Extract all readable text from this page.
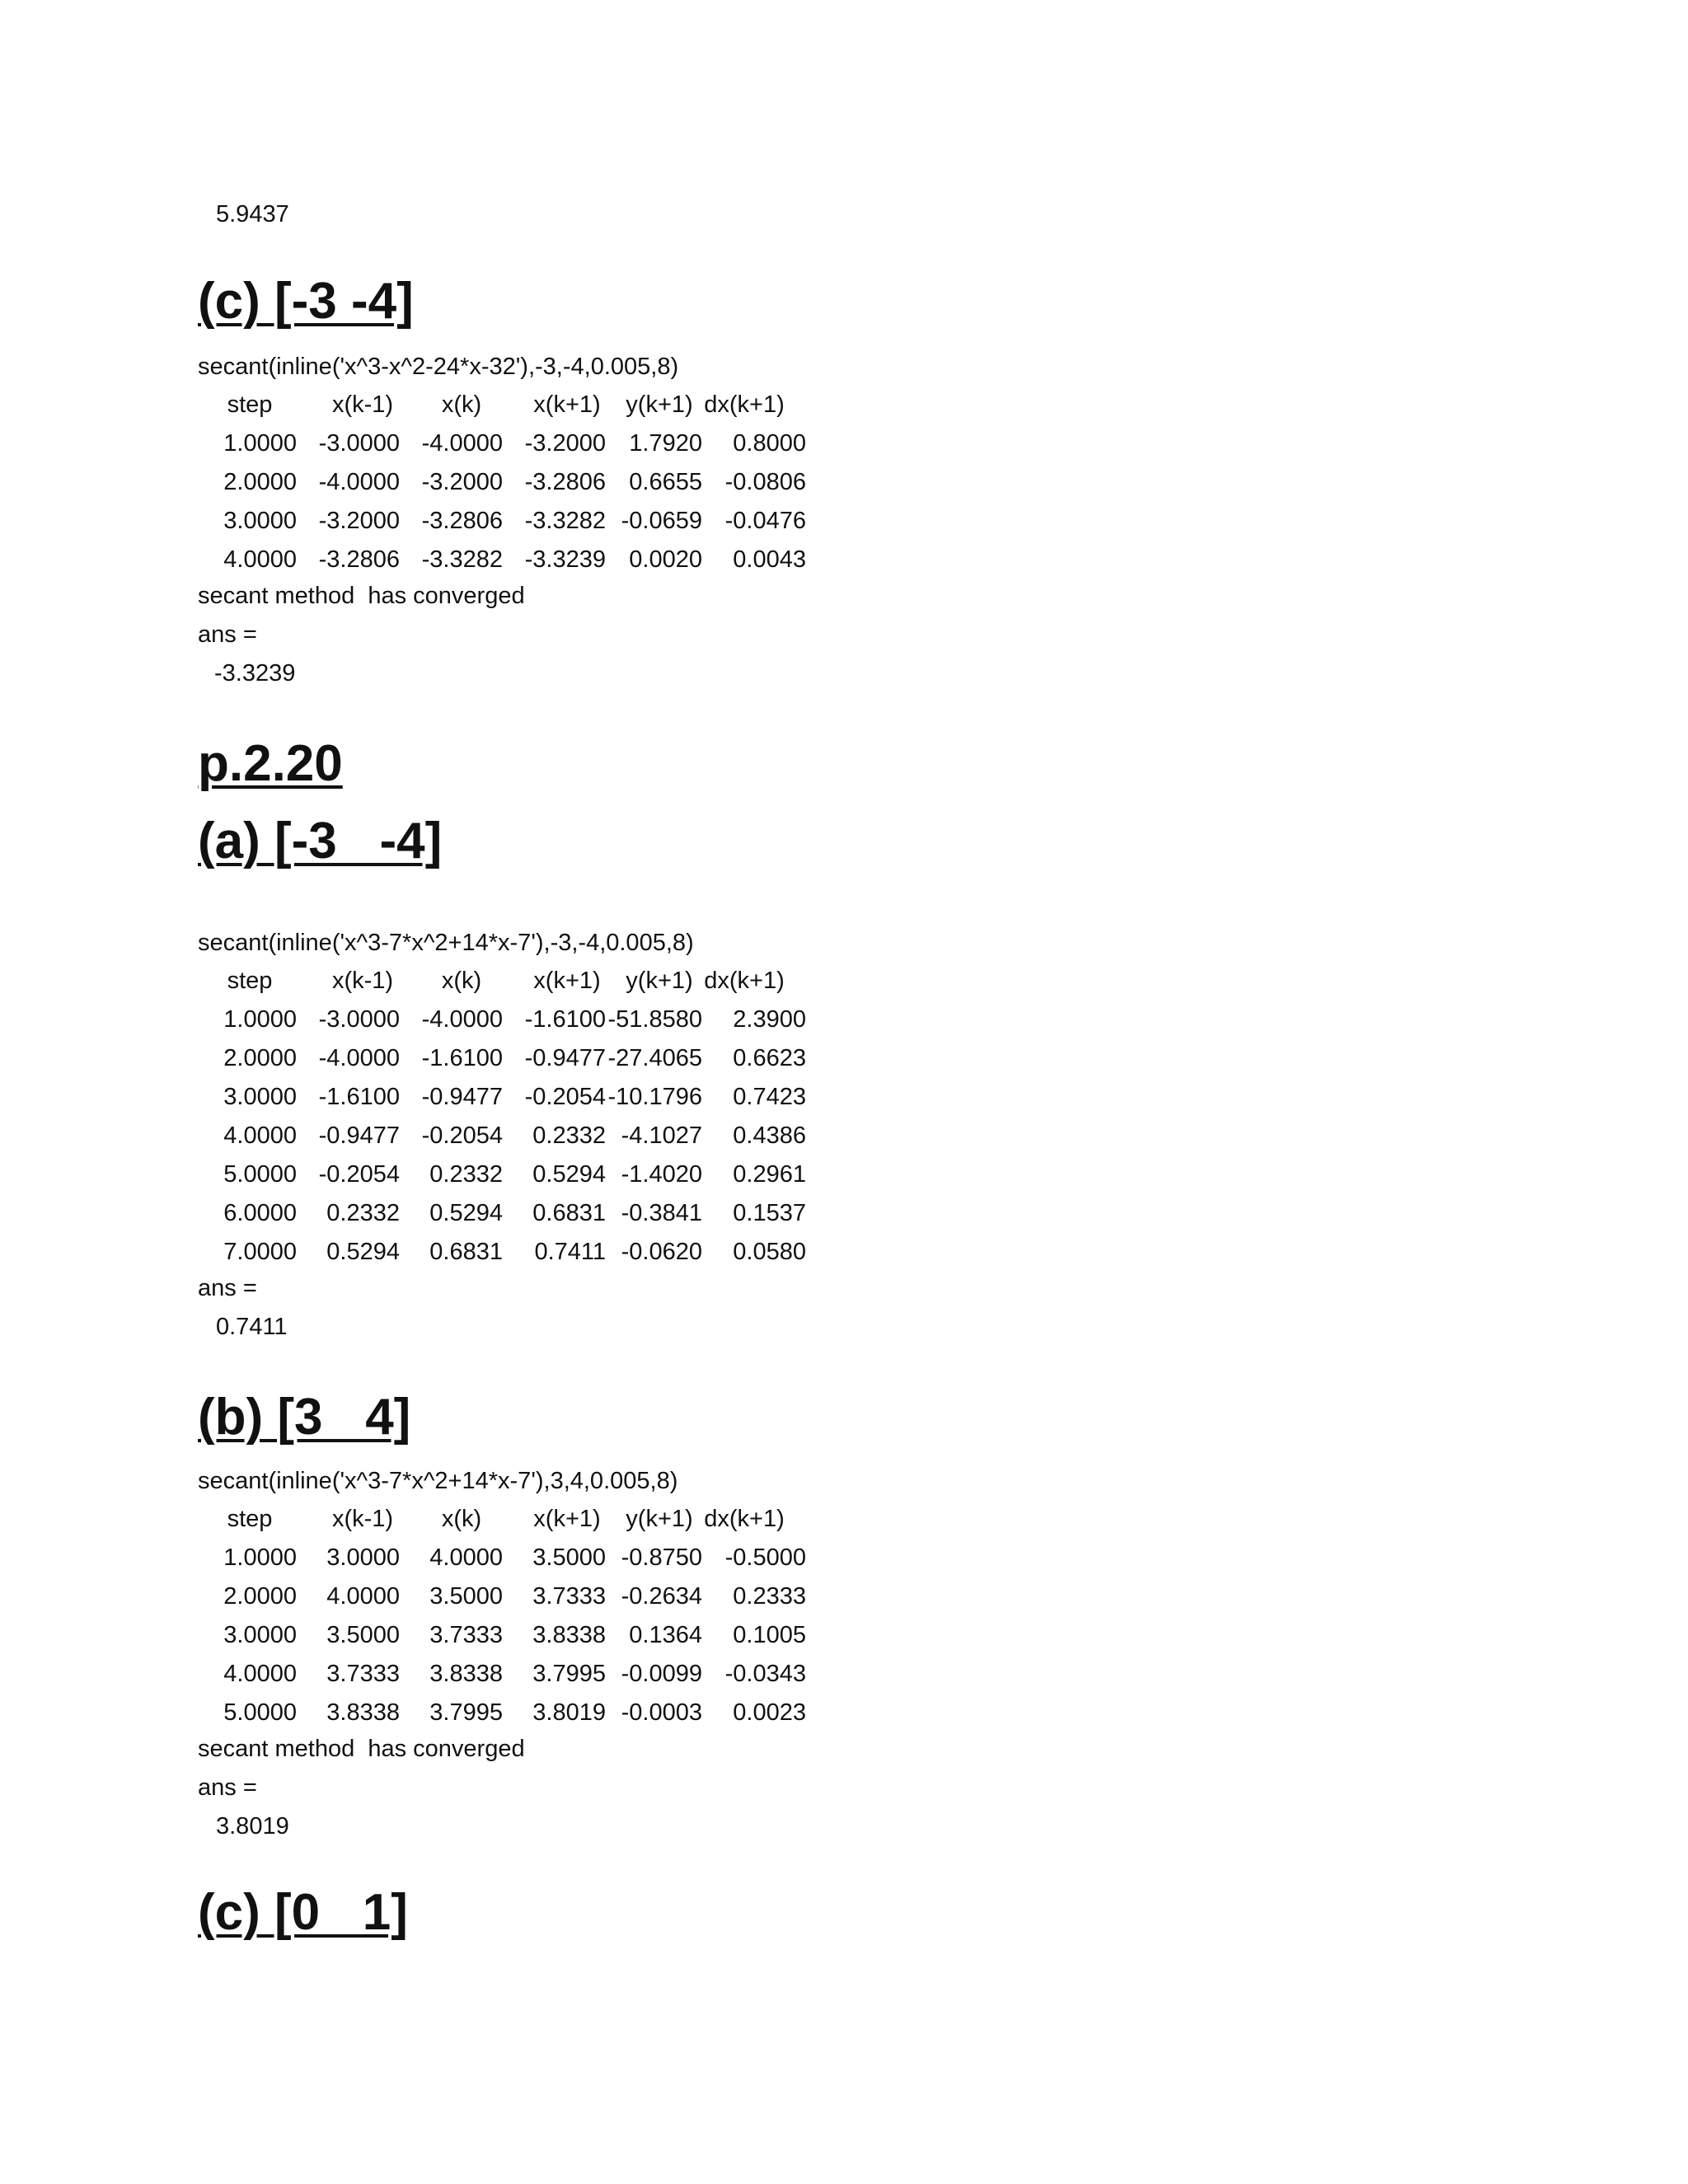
5.9437
(c) [-3 -4]
secant(inline('x^3-x^2-24*x-32'),-3,-4,0.005,8)
step	x(k-1)	x(k)	x(k+1)	y(k+1) dx(k+1)
1.0000 -3.0000 -4.0000 -3.2000 1.7920	0.8000
2.0000 -4.0000 -3.2000 -3.2806 0.6655 -0.0806
3.0000 -3.2000 -3.2806 -3.3282 -0.0659 -0.0476
4.0000 -3.2806 -3.3282 -3.3239 0.0020	0.0043
secant method  has converged
ans =
-3.3239
p.2.20
(a) [-3   -4]
secant(inline('x^3-7*x^2+14*x-7'),-3,-4,0.005,8)
step	x(k-1)	x(k)	x(k+1)	y(k+1) dx(k+1)
1.0000 -3.0000 -4.0000 -1.6100 -51.8580	2.3900
2.0000 -4.0000 -1.6100 -0.9477 -27.4065	0.6623
3.0000 -1.6100 -0.9477 -0.2054 -10.1796	0.7423
4.0000 -0.9477 -0.2054	0.2332 -4.1027	0.4386
5.0000 -0.2054	0.2332	0.5294 -1.4020	0.2961
6.0000	0.2332	0.5294	0.6831 -0.3841	0.1537
7.0000	0.5294	0.6831	0.7411 -0.0620	0.0580
ans =
0.7411
(b) [3   4]
secant(inline('x^3-7*x^2+14*x-7'),3,4,0.005,8)
step	x(k-1)	x(k)	x(k+1)	y(k+1) dx(k+1)
1.0000	3.0000	4.0000	3.5000 -0.8750 -0.5000
2.0000	4.0000	3.5000	3.7333 -0.2634	0.2333
3.0000	3.5000	3.7333	3.8338 0.1364	0.1005
4.0000	3.7333	3.8338	3.7995 -0.0099 -0.0343
5.0000	3.8338	3.7995	3.8019 -0.0003	0.0023
secant method  has converged
ans =
3.8019
(c) [0   1]
